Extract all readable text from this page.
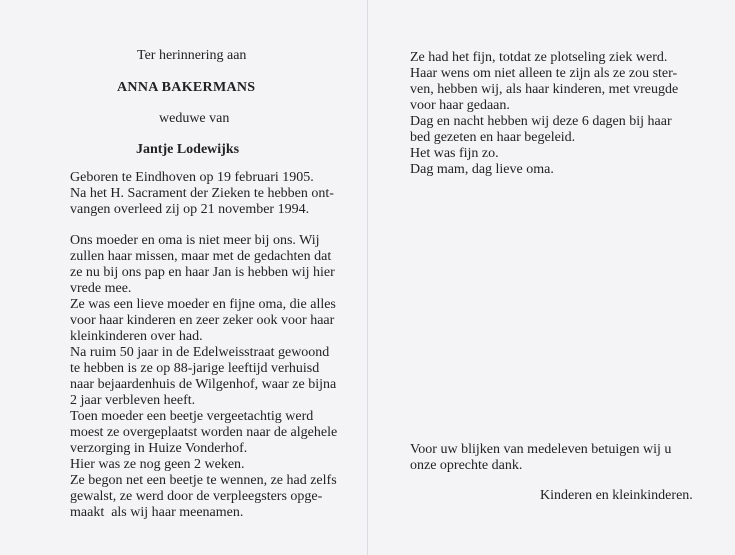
Ter herinnering aan
ANNA BAKERMANS
weduwe van
Jantje Lodewijks
Geboren te Eindhoven op 19 februari 1905.
Na het H. Sacrament der Zieken te hebben ont-
vangen overleed zij op 21 november 1994.
Ons moeder en oma is niet meer bij ons. Wij
zullen haar missen, maar met de gedachten dat
ze nu bij ons pap en haar Jan is hebben wij hier
vrede mee.
Ze was een lieve moeder en fijne oma, die alles
voor haar kinderen en zeer zeker ook voor haar
kleinkinderen over had.
Na ruim 50 jaar in de Edelweisstraat gewoond
te hebben is ze op 88-jarige leeftijd verhuisd
naar bejaardenhuis de Wilgenhof, waar ze bijna
2 jaar verbleven heeft.
Toen moeder een beetje vergeetachtig werd
moest ze overgeplaatst worden naar de algehele
verzorging in Huize Vonderhof.
Hier was ze nog geen 2 weken.
Ze begon net een beetje te wennen, ze had zelfs
gewalst, ze werd door de verpleegsters opge-
maakt  als wij haar meenamen.
Ze had het fijn, totdat ze plotseling ziek werd.
Haar wens om niet alleen te zijn als ze zou ster-
ven, hebben wij, als haar kinderen, met vreugde
voor haar gedaan.
Dag en nacht hebben wij deze 6 dagen bij haar
bed gezeten en haar begeleid.
Het was fijn zo.
Dag mam, dag lieve oma.
Voor uw blijken van medeleven betuigen wij u
onze oprechte dank.
Kinderen en kleinkinderen.
